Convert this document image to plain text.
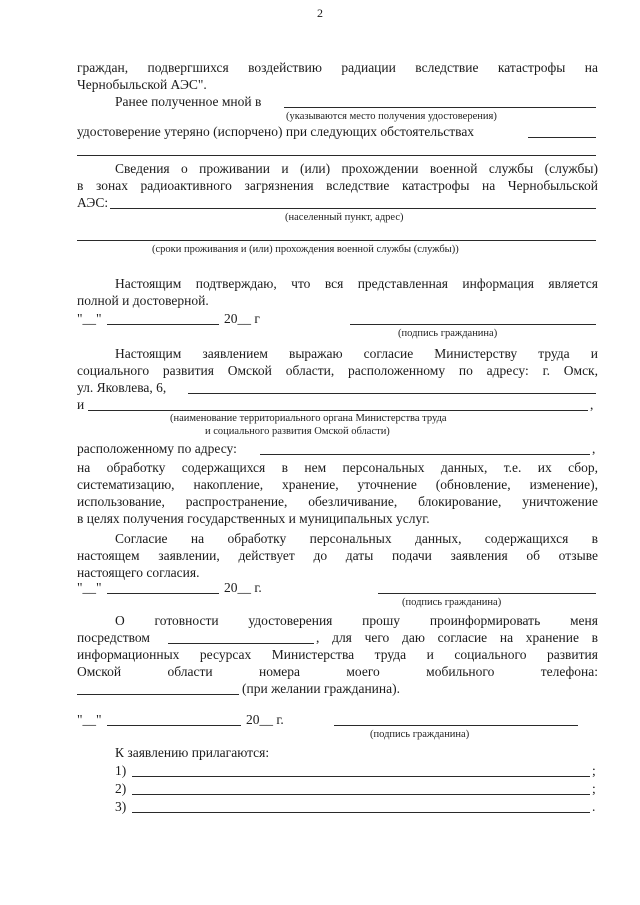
2
граждан, подвергшихся воздействию радиации вследствие катастрофы на
Чернобыльской АЭС".
Ранее полученное мной в
(указываются место получения удостоверения)
удостоверение утеряно (испорчено) при следующих обстоятельствах
Сведения о проживании и (или) прохождении военной службы (службы)
в зонах радиоактивного загрязнения вследствие катастрофы на Чернобыльской
АЭС:
(населенный пункт, адрес)
(сроки проживания и (или) прохождения военной службы (службы))
Настоящим подтверждаю, что вся представленная информация является
полной и достоверной.
"__"	20__ г
(подпись гражданина)
Настоящим заявлением выражаю согласие Министерству труда и
социального развития Омской области, расположенному по адресу: г. Омск,
ул. Яковлева, 6,
и	,
(наименование территориального органа Министерства труда
и социального развития Омской области)
расположенному по адресу:	,
на обработку содержащихся в нем персональных данных, т.е. их сбор,
систематизацию, накопление, хранение, уточнение (обновление, изменение),
использование, распространение, обезличивание, блокирование, уничтожение
в целях получения государственных и муниципальных услуг.
Согласие на обработку персональных данных, содержащихся в
настоящем заявлении, действует до даты подачи заявления об отзыве
настоящего согласия.
"__"	20__ г.
(подпись гражданина)
О готовности удостоверения прошу проинформировать меня
посредством	, для чего даю согласие на хранение в
информационных ресурсах Министерства труда и социального развития
Омской области номера моего мобильного телефона:
(при желании гражданина).
"__"	20__ г.
(подпись гражданина)
К заявлению прилагаются:
1)	;
2)	;
3)	.
